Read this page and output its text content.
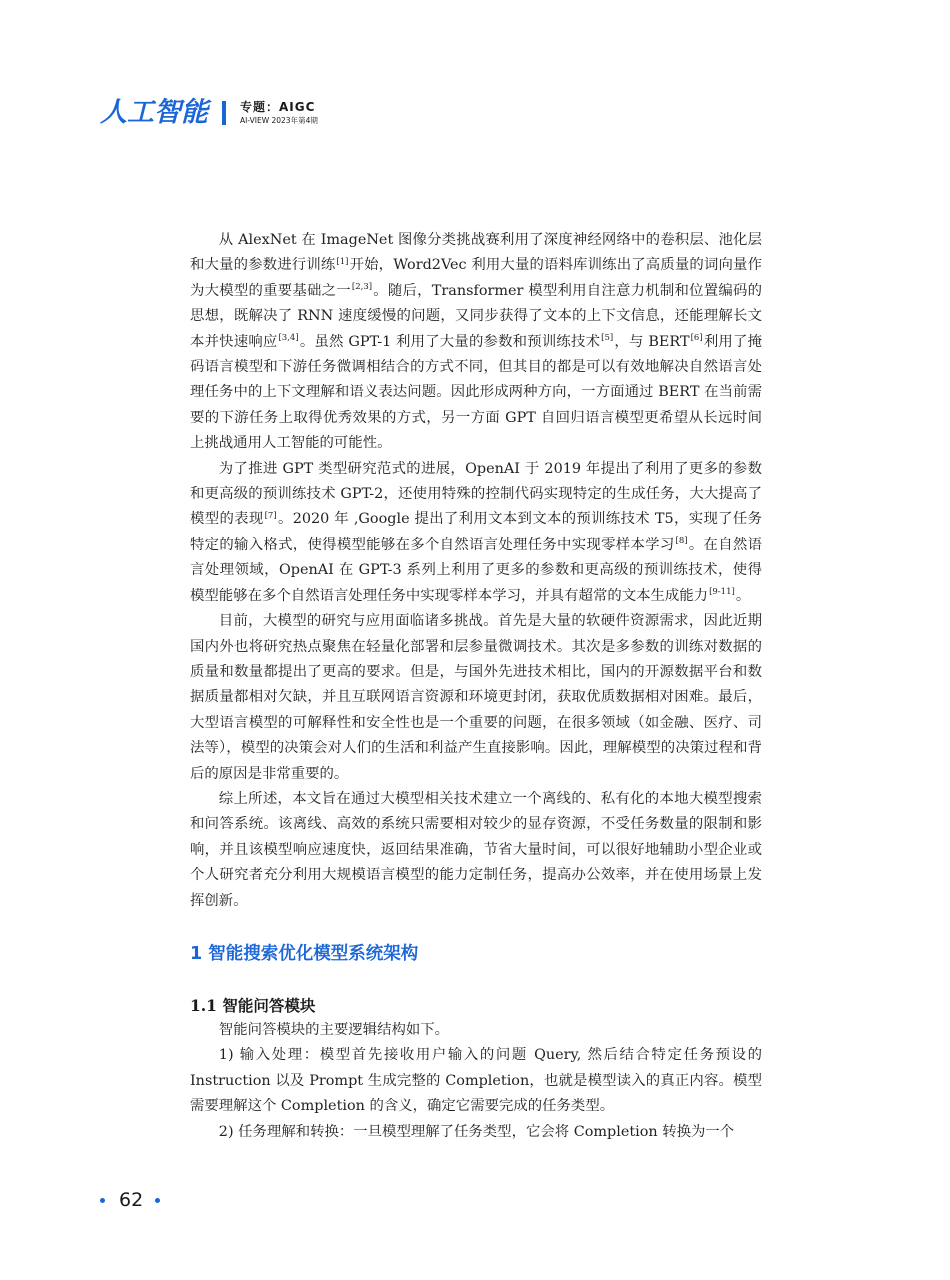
人工智能	专题：AIGC
AI-VIEW 2023年第4期

从 AlexNet 在 ImageNet 图像分类挑战赛利用了深度神经网络中的卷积层、池化层和大量的参数进行训练[1]开始，Word2Vec 利用大量的语料库训练出了高质量的词向量作为大模型的重要基础之一[2,3]。随后，Transformer 模型利用自注意力机制和位置编码的思想，既解决了 RNN 速度缓慢的问题，又同步获得了文本的上下文信息，还能理解长文本并快速响应[3,4]。虽然 GPT-1 利用了大量的参数和预训练技术[5]，与 BERT[6]利用了掩码语言模型和下游任务微调相结合的方式不同，但其目的都是可以有效地解决自然语言处理任务中的上下文理解和语义表达问题。因此形成两种方向，一方面通过 BERT 在当前需要的下游任务上取得优秀效果的方式，另一方面 GPT 自回归语言模型更希望从长远时间上挑战通用人工智能的可能性。

为了推进 GPT 类型研究范式的进展，OpenAI 于 2019 年提出了利用了更多的参数和更高级的预训练技术 GPT-2，还使用特殊的控制代码实现特定的生成任务，大大提高了模型的表现[7]。2020 年 ,Google 提出了利用文本到文本的预训练技术 T5，实现了任务特定的输入格式，使得模型能够在多个自然语言处理任务中实现零样本学习[8]。在自然语言处理领域，OpenAI 在 GPT-3 系列上利用了更多的参数和更高级的预训练技术，使得模型能够在多个自然语言处理任务中实现零样本学习，并具有超常的文本生成能力[9-11]。

目前，大模型的研究与应用面临诸多挑战。首先是大量的软硬件资源需求，因此近期国内外也将研究热点聚焦在轻量化部署和层参量微调技术。其次是多参数的训练对数据的质量和数量都提出了更高的要求。但是，与国外先进技术相比，国内的开源数据平台和数据质量都相对欠缺，并且互联网语言资源和环境更封闭，获取优质数据相对困难。最后，大型语言模型的可解释性和安全性也是一个重要的问题，在很多领域（如金融、医疗、司法等），模型的决策会对人们的生活和利益产生直接影响。因此，理解模型的决策过程和背后的原因是非常重要的。

综上所述，本文旨在通过大模型相关技术建立一个离线的、私有化的本地大模型搜索和问答系统。该离线、高效的系统只需要相对较少的显存资源，不受任务数量的限制和影响，并且该模型响应速度快，返回结果准确，节省大量时间，可以很好地辅助小型企业或个人研究者充分利用大规模语言模型的能力定制任务，提高办公效率，并在使用场景上发挥创新。

1 智能搜索优化模型系统架构
1.1 智能问答模块

智能问答模块的主要逻辑结构如下。

1) 输入处理：模型首先接收用户输入的问题 Query, 然后结合特定任务预设的 Instruction 以及 Prompt 生成完整的 Completion，也就是模型读入的真正内容。模型需要理解这个 Completion 的含义，确定它需要完成的任务类型。

2) 任务理解和转换：一旦模型理解了任务类型，它会将 Completion 转换为一个

62
